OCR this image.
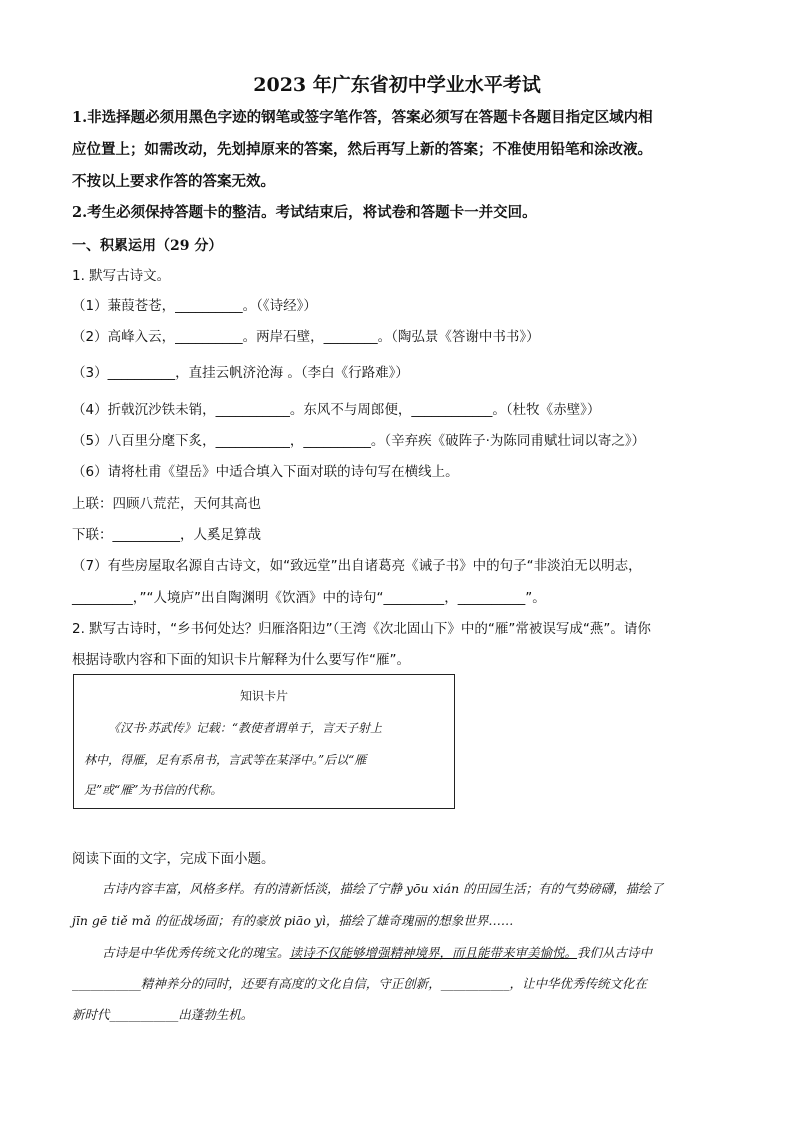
2023 年广东省初中学业水平考试
1.非选择题必须用黑色字迹的钢笔或签字笔作答，答案必须写在答题卡各题目指定区域内相
应位置上；如需改动，先划掉原来的答案，然后再写上新的答案；不准使用铅笔和涂改液。
不按以上要求作答的答案无效。
2.考生必须保持答题卡的整洁。考试结束后，将试卷和答题卡一并交回。
一、积累运用（29 分）
1. 默写古诗文。
（1）蒹葭苍苍，__________。（《诗经》）
（2）高峰入云，__________。两岸石壁，________。（陶弘景《答谢中书书》）
（3）__________，直挂云帆济沧海 。（李白《行路难》）
（4）折戟沉沙铁未销，___________。东风不与周郎便，____________。（杜牧《赤壁》）
（5）八百里分麾下炙，___________，__________。（辛弃疾《破阵子·为陈同甫赋壮词以寄之》）
（6）请将杜甫《望岳》中适合填入下面对联的诗句写在横线上。
上联：四顾八荒茫，天何其高也
下联：__________，人奚足算哉
（7）有些房屋取名源自古诗文，如“致远堂”出自诸葛亮《诫子书》中的句子“非淡泊无以明志，
_________，”“人境庐”出自陶渊明《饮酒》中的诗句“_________，__________”。
2. 默写古诗时，“乡书何处达？归雁洛阳边”（王湾《次北固山下》中的“雁”常被误写成“燕”。请你
根据诗歌内容和下面的知识卡片解释为什么要写作“雁”。
知识卡片
《汉书·苏武传》记载：“教使者谓单于，言天子射上
林中，得雁，足有系帛书，言武等在某泽中。”后以“雁
足”或“雁”为书信的代称。
阅读下面的文字，完成下面小题。
古诗内容丰富，风格多样。有的清新恬淡，描绘了宁静 yōu xián 的田园生活；有的气势磅礴，描绘了
jīn gē tiě mǎ 的征战场面；有的豪放 piāo yì，描绘了雄奇瑰丽的想象世界……
古诗是中华优秀传统文化的瑰宝。读诗不仅能够增强精神境界，而且能带来审美愉悦。我们从古诗中
___________精神养分的同时，还要有高度的文化自信，守正创新，___________，让中华优秀传统文化在
新时代___________出蓬勃生机。
